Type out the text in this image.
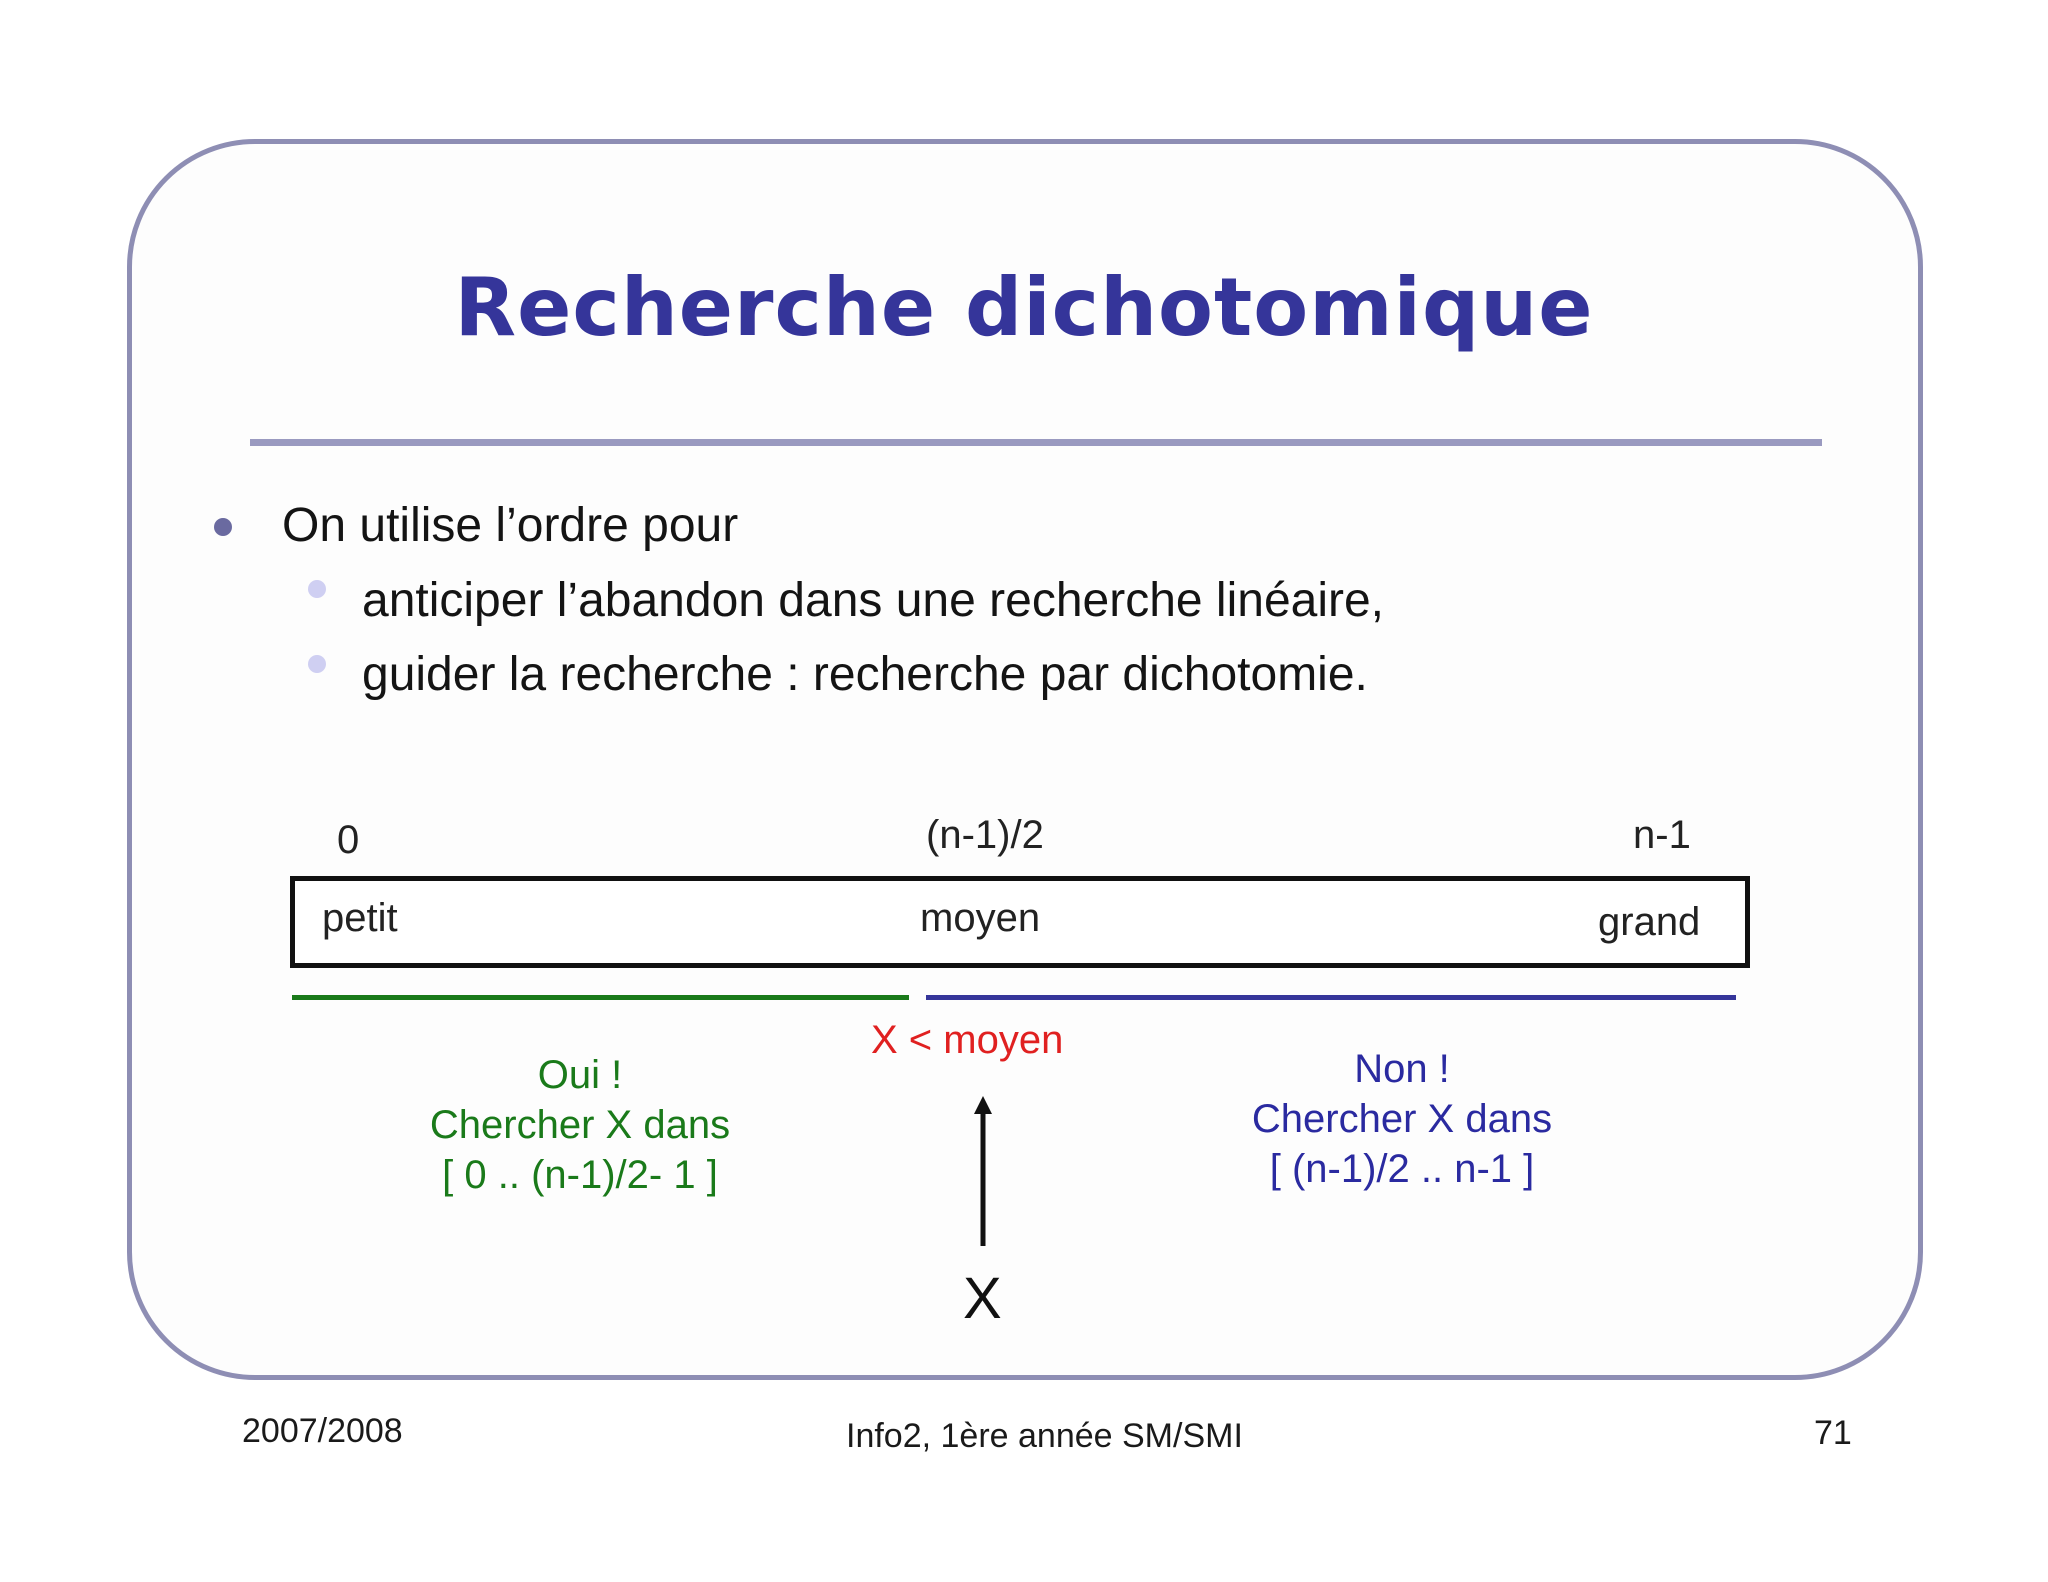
Recherche dichotomique
On utilise l’ordre pour
anticiper l’abandon dans une recherche linéaire,
guider la recherche : recherche par dichotomie.
0	(n-1)/2	n-1
petit	moyen	grand
X < moyen
Oui !
Chercher X dans
[ 0 .. (n-1)/2- 1 ]
Non !
Chercher X dans
[ (n-1)/2 .. n-1 ]
X
2007/2008	Info2, 1ère année SM/SMI	71
